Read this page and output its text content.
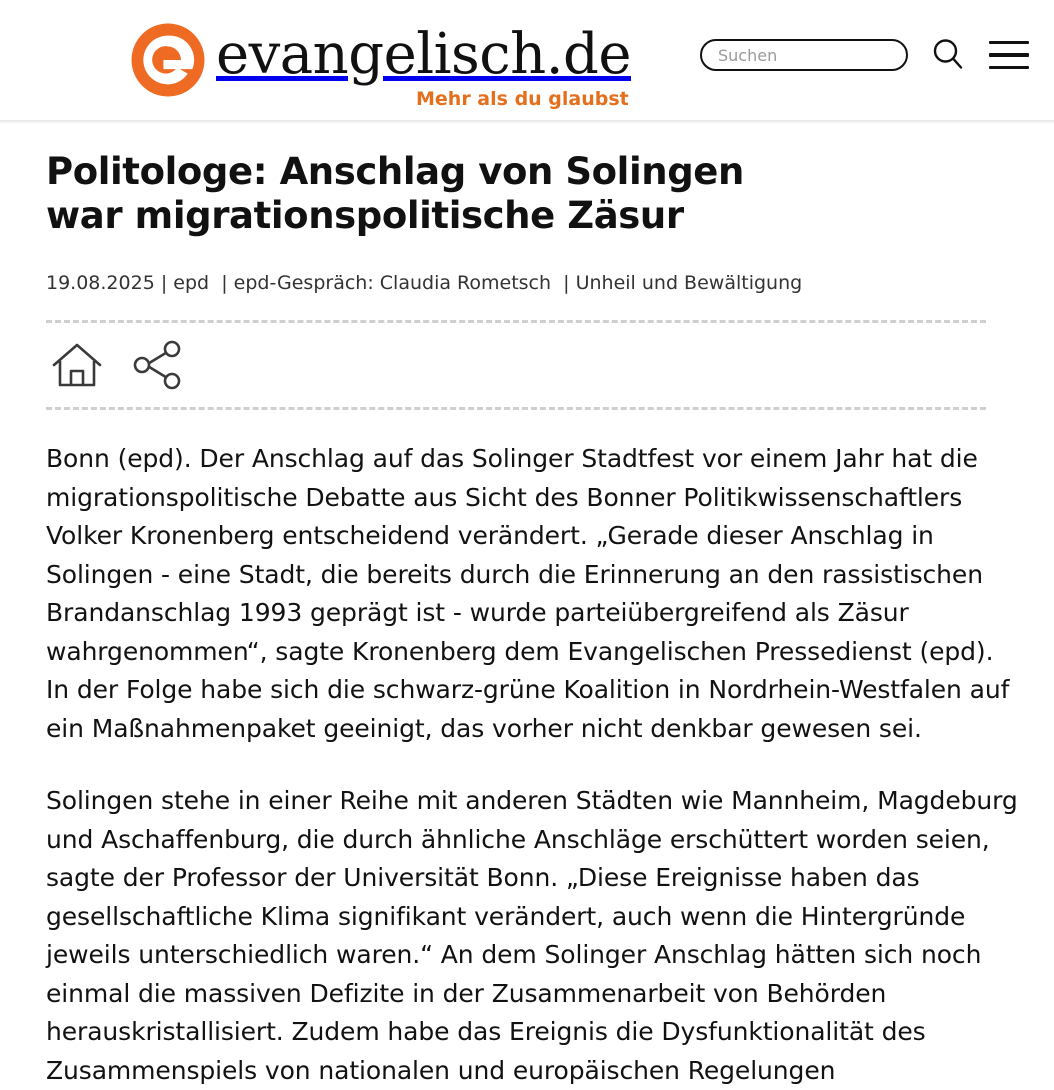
evangelisch.de
Mehr als du glaubst
Suchen
Politologe: Anschlag von Solingen war migrationspolitische Zäsur
19.08.2025 | epd | epd-Gespräch: Claudia Rometsch | Unheil und Bewältigung

Bonn (epd). Der Anschlag auf das Solinger Stadtfest vor einem Jahr hat die migrationspolitische Debatte aus Sicht des Bonner Politikwissenschaftlers Volker Kronenberg entscheidend verändert. „Gerade dieser Anschlag in Solingen - eine Stadt, die bereits durch die Erinnerung an den rassistischen Brandanschlag 1993 geprägt ist - wurde parteiübergreifend als Zäsur wahrgenommen“, sagte Kronenberg dem Evangelischen Pressedienst (epd). In der Folge habe sich die schwarz-grüne Koalition in Nordrhein-Westfalen auf ein Maßnahmenpaket geeinigt, das vorher nicht denkbar gewesen sei.

Solingen stehe in einer Reihe mit anderen Städten wie Mannheim, Magdeburg und Aschaffenburg, die durch ähnliche Anschläge erschüttert worden seien, sagte der Professor der Universität Bonn. „Diese Ereignisse haben das gesellschaftliche Klima signifikant verändert, auch wenn die Hintergründe jeweils unterschiedlich waren.“ An dem Solinger Anschlag hätten sich noch einmal die massiven Defizite in der Zusammenarbeit von Behörden herauskristallisiert. Zudem habe das Ereignis die Dysfunktionalität des Zusammenspiels von nationalen und europäischen Regelungen
